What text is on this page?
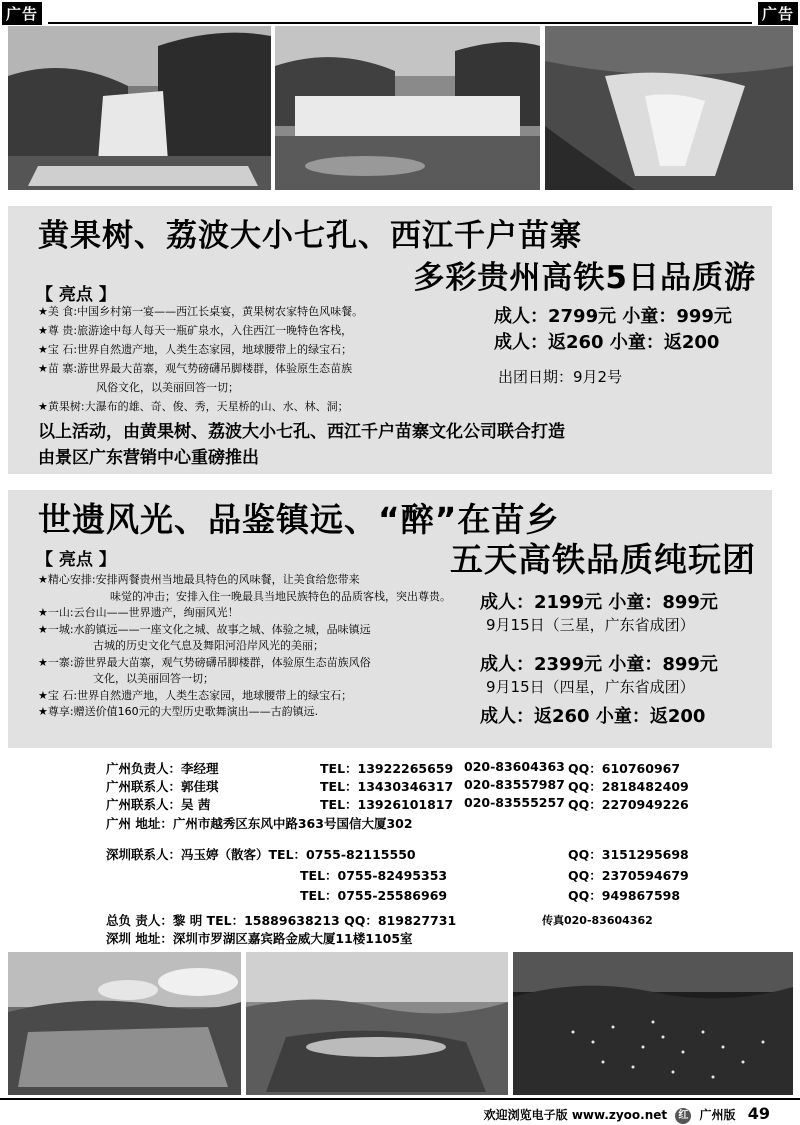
广告	广告
黄果树、荔波大小七孔、西江千户苗寨
多彩贵州高铁5日品质游
【 亮点 】
★美 食:中国乡村第一宴——西江长桌宴，黄果树农家特色风味餐。
★尊 贵:旅游途中每人每天一瓶矿泉水，入住西江一晚特色客栈，
★宝 石:世界自然遗产地，人类生态家园，地球腰带上的绿宝石；
★苗 寨:游世界最大苗寨，观气势磅礴吊脚楼群，体验原生态苗族
风俗文化，以美丽回答一切；
★黄果树:大瀑布的雄、奇、俊、秀，天星桥的山、水、林、洞；
以上活动，由黄果树、荔波大小七孔、西江千户苗寨文化公司联合打造
由景区广东营销中心重磅推出
成人：2799元 小童：999元
成人：返260 小童：返200
出团日期：9月2号
世遗风光、品鉴镇远、“醉”在苗乡
五天高铁品质纯玩团
【 亮点 】
★精心安排:安排两餐贵州当地最具特色的风味餐，让美食给您带来
味觉的冲击；安排入住一晚最具当地民族特色的品质客栈，突出尊贵。
★一山:云台山——世界遗产，绚丽风光！
★一城:水韵镇远——一座文化之城、故事之城、体验之城，品味镇远
古城的历史文化气息及舞阳河沿岸风光的美丽；
★一寨:游世界最大苗寨，观气势磅礴吊脚楼群，体验原生态苗族风俗
文化，以美丽回答一切；
★宝 石:世界自然遗产地，人类生态家园，地球腰带上的绿宝石；
★尊享:赠送价值160元的大型历史歌舞演出——古韵镇远.
成人：2199元 小童：899元
9月15日（三星，广东省成团）
成人：2399元 小童：899元
9月15日（四星，广东省成团）
成人：返260 小童：返200
广州负责人：李经理	TEL：13922265659 020-83604363 QQ：610760967
广州联系人：郭佳琪	TEL：13430346317 020-83557987 QQ：2818482409
广州联系人：吴 茜	TEL：13926101817 020-83555257 QQ：2270949226
广州 地址：广州市越秀区东风中路363号国信大厦302
深圳联系人：冯玉婷（散客）TEL：0755-82115550	QQ：3151295698
TEL：0755-82495353	QQ：2370594679
TEL：0755-25586969	QQ：949867598
总负 责人：黎 明 TEL：15889638213 QQ：819827731	传真020-83604362
深圳 地址：深圳市罗湖区嘉宾路金威大厦11楼1105室
欢迎浏览电子版 www.zyoo.net 红 广州版 49
